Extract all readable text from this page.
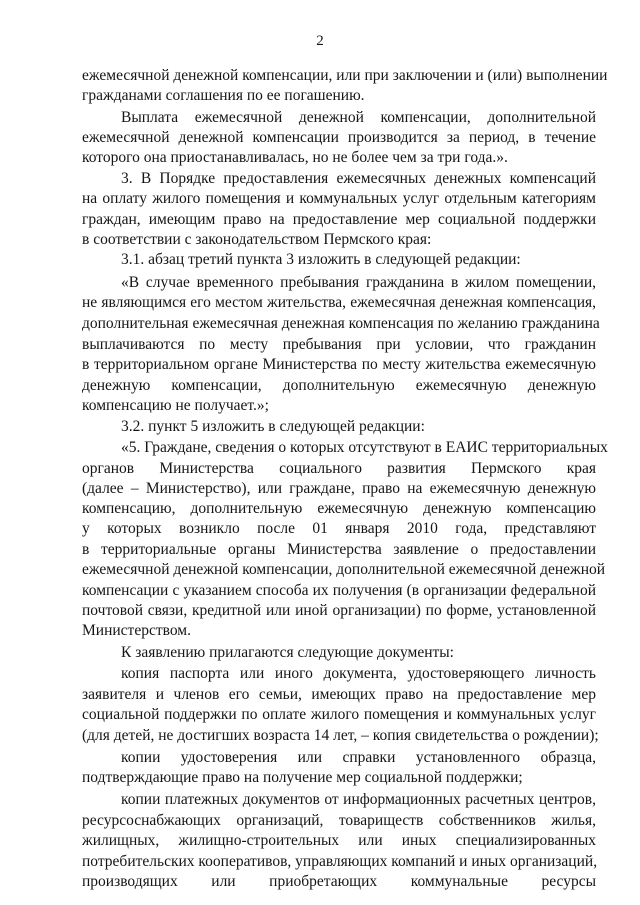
2
ежемесячной денежной компенсации, или при заключении и (или) выполнении
гражданами соглашения по ее погашению.
Выплата ежемесячной денежной компенсации, дополнительной
ежемесячной денежной компенсации производится за период, в течение
которого она приостанавливалась, но не более чем за три года.».
3. В Порядке предоставления ежемесячных денежных компенсаций
на оплату жилого помещения и коммунальных услуг отдельным категориям
граждан, имеющим право на предоставление мер социальной поддержки
в соответствии с законодательством Пермского края:
3.1. абзац третий пункта 3 изложить в следующей редакции:
«В случае временного пребывания гражданина в жилом помещении,
не являющимся его местом жительства, ежемесячная денежная компенсация,
дополнительная ежемесячная денежная компенсация по желанию гражданина
выплачиваются по месту пребывания при условии, что гражданин
в территориальном органе Министерства по месту жительства ежемесячную
денежную компенсации, дополнительную ежемесячную денежную
компенсацию не получает.»;
3.2. пункт 5 изложить в следующей редакции:
«5. Граждане, сведения о которых отсутствуют в ЕАИС территориальных
органов Министерства социального развития Пермского края
(далее – Министерство), или граждане, право на ежемесячную денежную
компенсацию, дополнительную ежемесячную денежную компенсацию
у которых возникло после 01 января 2010 года, представляют
в территориальные органы Министерства заявление о предоставлении
ежемесячной денежной компенсации, дополнительной ежемесячной денежной
компенсации с указанием способа их получения (в организации федеральной
почтовой связи, кредитной или иной организации) по форме, установленной
Министерством.
К заявлению прилагаются следующие документы:
копия паспорта или иного документа, удостоверяющего личность
заявителя и членов его семьи, имеющих право на предоставление мер
социальной поддержки по оплате жилого помещения и коммунальных услуг
(для детей, не достигших возраста 14 лет, – копия свидетельства о рождении);
копии удостоверения или справки установленного образца,
подтверждающие право на получение мер социальной поддержки;
копии платежных документов от информационных расчетных центров,
ресурсоснабжающих организаций, товариществ собственников жилья,
жилищных, жилищно-строительных или иных специализированных
потребительских кооперативов, управляющих компаний и иных организаций,
производящих или приобретающих коммунальные ресурсы
